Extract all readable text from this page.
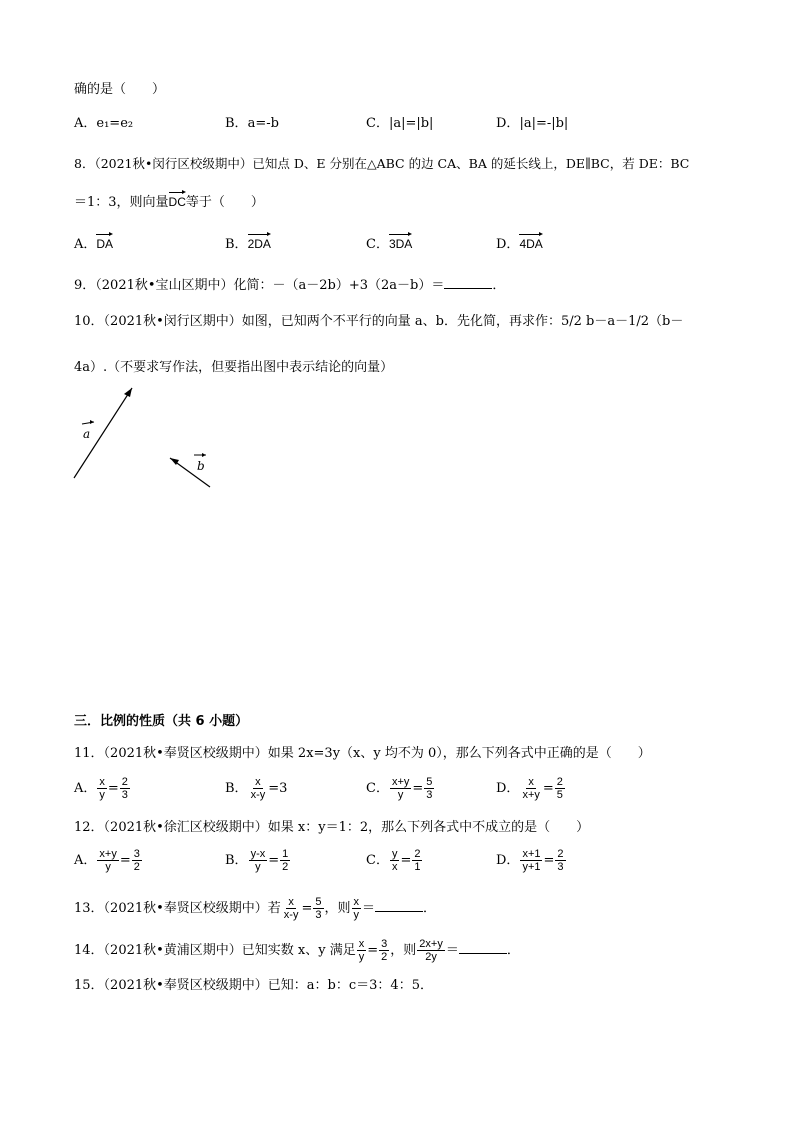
确的是（　　）
A．e₁=e₂	B．a=-b	C．|a|=|b|	D．|a|=-|b|
8．（2021秋•闵行区校级期中）已知点 D、E 分别在△ABC 的边 CA、BA 的延长线上，DE∥BC，若 DE：BC
＝1：3，则向量DC等于（　　）
A．DA	B．2DA	C．3DA	D．4DA
9．（2021秋•宝山区期中）化简：－（a－2b）+3（2a－b）＝	．
10．（2021秋•闵行区期中）如图，已知两个不平行的向量 a、b．先化简，再求作：5/2 b－a－1/2（b－
4a）.（不要求写作法，但要指出图中表示结论的向量）
a
b
三．比例的性质（共 6 小题）
11．（2021秋•奉贤区校级期中）如果 2x=3y（x、y 均不为 0），那么下列各式中正确的是（　　）
A． $\frac{x}{y} = \frac{2}{3}$	B． $\frac{x}{x-y} =3$	C． $\frac{x+y}{y} = \frac{5}{3}$	D． $\frac{x}{x+y} = \frac{2}{5}$
12．（2021秋•徐汇区校级期中）如果 x：y＝1：2，那么下列各式中不成立的是（　　）
A． $\frac{x+y}{y} = \frac{3}{2}$	B． $\frac{y-x}{y} = \frac{1}{2}$	C． $\frac{y}{x} = \frac{2}{1}$	D． $\frac{x+1}{y+1} = \frac{2}{3}$
13．（2021秋•奉贤区校级期中）若 $\frac{x}{x-y} = \frac{5}{3}$ ，则 $\frac{x}{y}$ ＝	．
14．（2021秋•黄浦区期中）已知实数 x、y 满足 $\frac{x}{y} = \frac{3}{2}$ ，则 $\frac{2x+y}{2y}$ ＝	．
15．（2021秋•奉贤区校级期中）已知：a：b：c＝3：4：5．
